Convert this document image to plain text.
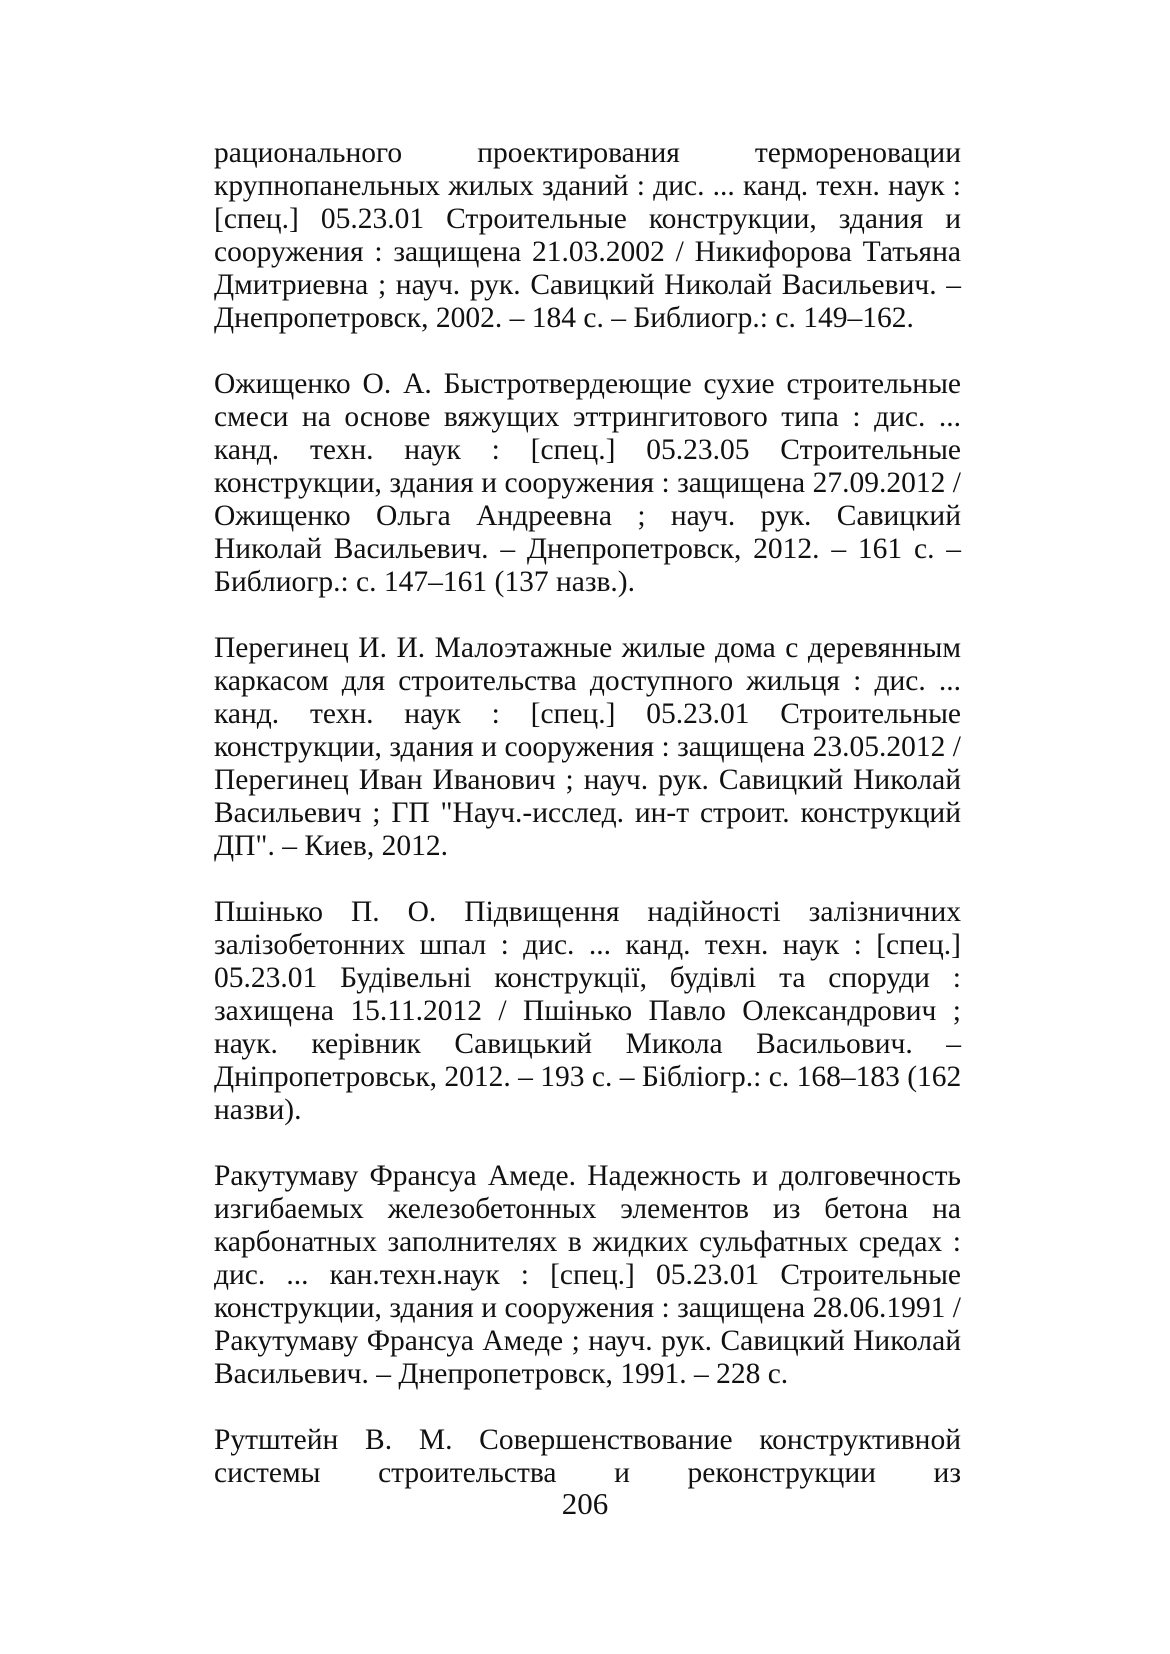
рационального проектирования термореновации
крупнопанельных жилых зданий : дис. ... канд. техн. наук :
[спец.] 05.23.01 Строительные конструкции, здания и
сооружения : защищена 21.03.2002 / Никифорова Татьяна
Дмитриевна ; науч. рук. Савицкий Николай Васильевич. –
Днепропетровск, 2002. – 184 с. – Библиогр.: с. 149–162.
Ожищенко О. А. Быстротвердеющие сухие строительные
смеси на основе вяжущих эттрингитового типа : дис. ...
канд. техн. наук : [спец.] 05.23.05 Строительные
конструкции, здания и сооружения : защищена 27.09.2012 /
Ожищенко Ольга Андреевна ; науч. рук. Савицкий
Николай Васильевич. – Днепропетровск, 2012. – 161 с. –
Библиогр.: с. 147–161 (137 назв.).
Перегинец И. И. Малоэтажные жилые дома с деревянным
каркасом для строительства доступного жильця : дис. ...
канд. техн. наук : [спец.] 05.23.01 Строительные
конструкции, здания и сооружения : защищена 23.05.2012 /
Перегинец Иван Иванович ; науч. рук. Савицкий Николай
Васильевич ; ГП "Науч.-исслед. ин-т строит. конструкций
ДП". – Киев, 2012.
Пшінько П. О. Підвищення надійності залізничних
залізобетонних шпал : дис. ... канд. техн. наук : [спец.]
05.23.01 Будівельні конструкції, будівлі та споруди :
захищена 15.11.2012 / Пшінько Павло Олександрович ;
наук. керівник Савицький Микола Васильович. –
Дніпропетровськ, 2012. – 193 с. – Бібліогр.: с. 168–183 (162
назви).
Ракутумаву Франсуа Амеде. Надежность и долговечность
изгибаемых железобетонных элементов из бетона на
карбонатных заполнителях в жидких сульфатных средах :
дис. ... кан.техн.наук : [спец.] 05.23.01 Строительные
конструкции, здания и сооружения : защищена 28.06.1991 /
Ракутумаву Франсуа Амеде ; науч. рук. Савицкий Николай
Васильевич. – Днепропетровск, 1991. – 228 с.
Рутштейн В. М. Совершенствование конструктивной
системы строительства и реконструкции из
206
